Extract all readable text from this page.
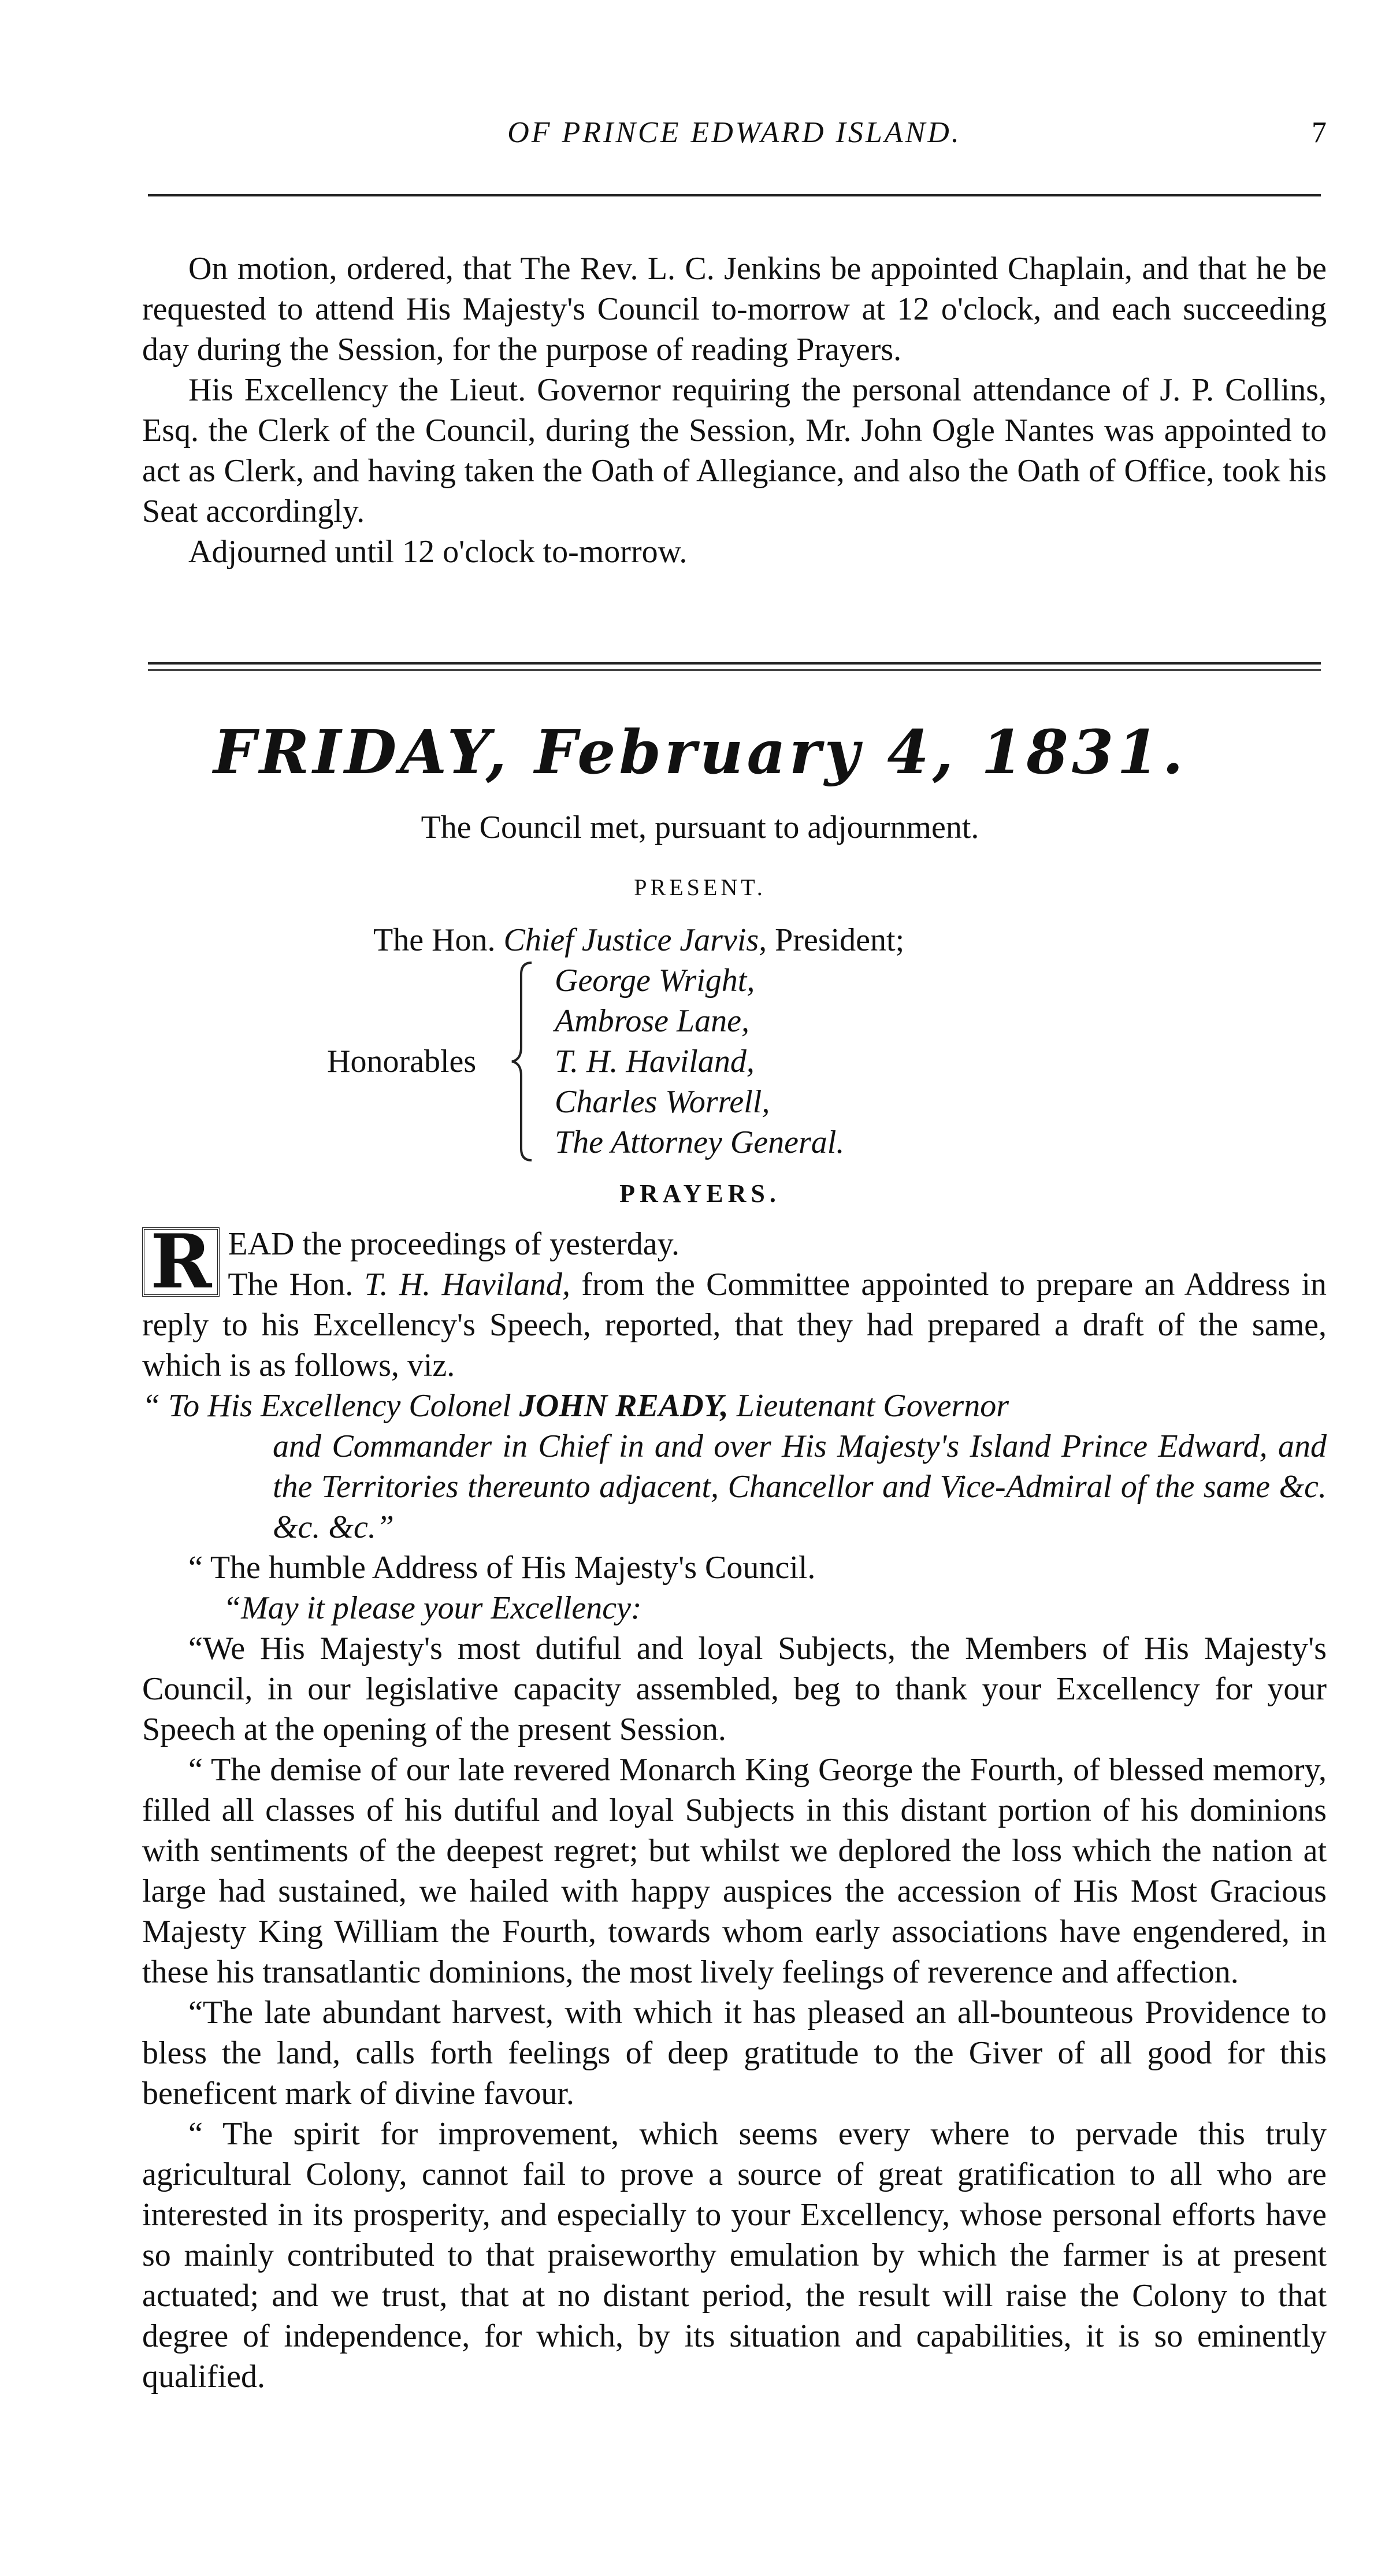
OF PRINCE EDWARD ISLAND.	7

On motion, ordered, that The Rev. L. C. Jenkins be appointed Chaplain, and that he be requested to attend His Majesty's Council to-morrow at 12 o'clock, and each succeeding day during the Session, for the purpose of reading Prayers.

His Excellency the Lieut. Governor requiring the personal attendance of J. P. Collins, Esq. the Clerk of the Council, during the Session, Mr. John Ogle Nantes was appointed to act as Clerk, and having taken the Oath of Allegiance, and also the Oath of Office, took his Seat accordingly.

Adjourned until 12 o'clock to-morrow.

FRIDAY, February 4, 1831.
The Council met, pursuant to adjournment.
PRESENT.
The Hon. Chief Justice Jarvis, President;
Honorables
George Wright,
Ambrose Lane,
T. H. Haviland,
Charles Worrell,
The Attorney General.
PRAYERS.

R EAD the proceedings of yesterday.
The Hon. T. H. Haviland, from the Committee appointed to prepare an Address in reply to his Excellency's Speech, reported, that they had prepared a draft of the same, which is as follows, viz.

“ To His Excellency Colonel JOHN READY, Lieutenant Governor
and Commander in Chief in and over His Majesty's Island Prince Edward, and the Territories thereunto adjacent, Chancellor and Vice-Admiral of the same &c. &c. &c.”

“ The humble Address of His Majesty's Council.

“May it please your Excellency:

“We His Majesty's most dutiful and loyal Subjects, the Members of His Majesty's Council, in our legislative capacity assembled, beg to thank your Excellency for your Speech at the opening of the present Session.

“ The demise of our late revered Monarch King George the Fourth, of blessed memory, filled all classes of his dutiful and loyal Subjects in this distant portion of his dominions with sentiments of the deepest regret; but whilst we deplored the loss which the nation at large had sustained, we hailed with happy auspices the accession of His Most Gracious Majesty King William the Fourth, towards whom early associations have engendered, in these his transatlantic dominions, the most lively feelings of reverence and affection.

“The late abundant harvest, with which it has pleased an all-bounteous Providence to bless the land, calls forth feelings of deep gratitude to the Giver of all good for this beneficent mark of divine favour.

“ The spirit for improvement, which seems every where to pervade this truly agricultural Colony, cannot fail to prove a source of great gratification to all who are interested in its prosperity, and especially to your Excellency, whose personal efforts have so mainly contributed to that praiseworthy emulation by which the farmer is at present actuated; and we trust, that at no distant period, the result will raise the Colony to that degree of independence, for which, by its situation and capabilities, it is so eminently qualified.
